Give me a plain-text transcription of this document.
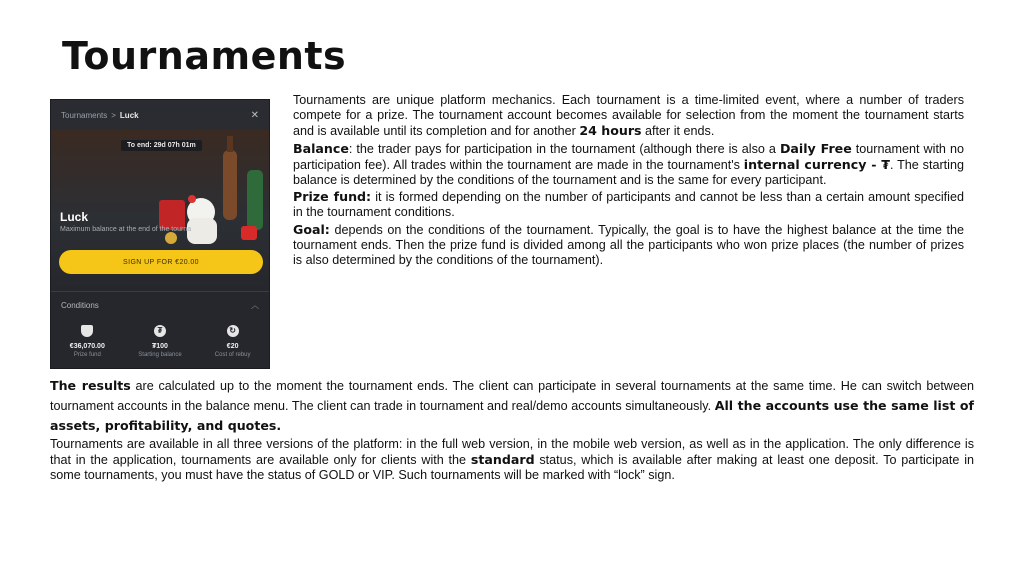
Tournaments
Tournaments > Luck	✕
To end: 29d 07h 01m
Luck
Maximum balance at the end of the tourna
SIGN UP FOR €20.00
Conditions	︿
€36,070.00
Prize fund
₮
₮100
Starting balance
↻
€20
Cost of rebuy

Tournaments are unique platform mechanics. Each tournament is a time-limited event, where a number of traders compete for a prize. The tournament account becomes available for selection from the moment the tournament starts and is available until its completion and for another 24 hours after it ends.

Balance: the trader pays for participation in the tournament (although there is also a Daily Free tournament with no participation fee). All trades within the tournament are made in the tournament's internal currency - ₮. The starting balance is determined by the conditions of the tournament and is the same for every participant.

Prize fund: it is formed depending on the number of participants and cannot be less than a certain amount specified in the tournament conditions.

Goal: depends on the conditions of the tournament. Typically, the goal is to have the highest balance at the time the tournament ends. Then the prize fund is divided among all the participants who won prize places (the number of prizes is also determined by the conditions of the tournament).

The results are calculated up to the moment the tournament ends. The client can participate in several tournaments at the same time. He can switch between tournament accounts in the balance menu. The client can trade in tournament and real/demo accounts simultaneously. All the accounts use the same list of assets, profitability, and quotes.

Tournaments are available in all three versions of the platform: in the full web version, in the mobile web version, as well as in the application. The only difference is that in the application, tournaments are available only for clients with the standard status, which is available after making at least one deposit. To participate in some tournaments, you must have the status of GOLD or VIP. Such tournaments will be marked with “lock” sign.
